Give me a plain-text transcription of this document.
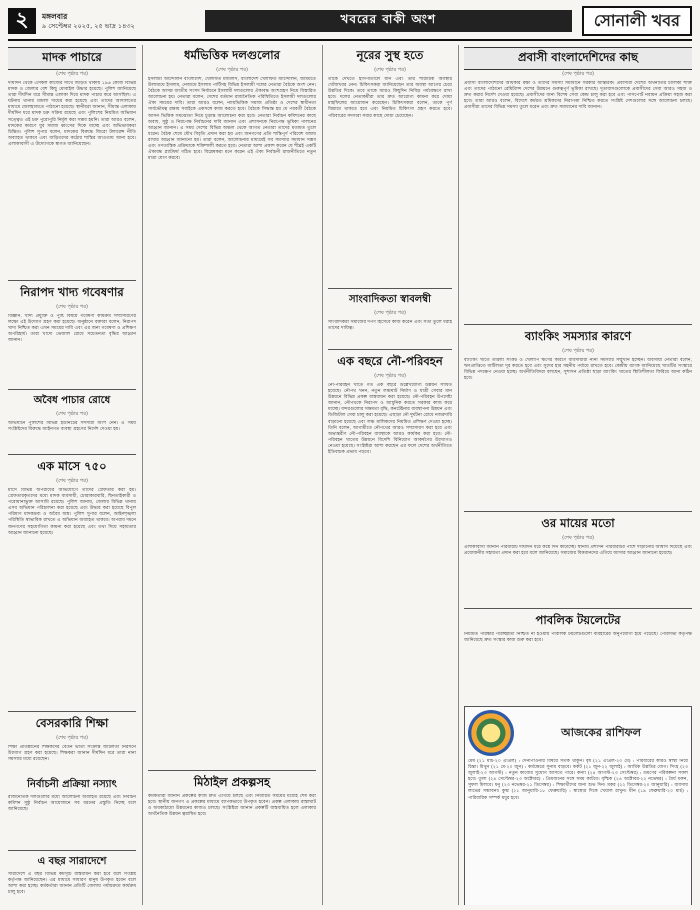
২	মঙ্গলবার
৯ সেপ্টেম্বর ২০২৫, ২৫ ভাদ্র ১৪৩২	খবরের বাকী অংশ	সোনালী খবর
মাদক পাচারে
(শেষ পৃষ্ঠার পর)
দীর্ঘদিন থেকে এসকল কাজের সাথে জড়িত থাকায় ১৯৬ কেজি বিভিন্ন মাদক ও জেলার বেশ কিছু মোবাইল উদ্ধার হয়েছে। পুলিশ জানিয়েছে তারা দীর্ঘদিন ধরে সীমান্ত এলাকা দিয়ে মাদক পাচার করে আসছিল। এ ঘটনায় থানায় মামলা দায়ের করা হয়েছে এবং তাদের আদালতের মাধ্যমে জেলহাজতে পাঠানো হয়েছে। স্থানীয়রা জানান, সীমান্ত এলাকায় দীর্ঘদিন ধরে মাদক চক্র সক্রিয় রয়েছে এবং পুলিশের নিয়মিত অভিযান সত্ত্বেও এই চক্র পুরোপুরি নির্মূল করা সম্ভব হয়নি। তারা আরও বলেন, মাদকের কারণে যুব সমাজ ধ্বংসের দিকে যাচ্ছে এবং অভিভাবকরা চিন্তিত। পুলিশ সুপার বলেন, মাদকের বিরুদ্ধে জিরো টলারেন্স নীতি অব্যাহত থাকবে এবং জড়িতদের কঠোর শাস্তির আওতায় আনা হবে। এলাকাবাসী এ উদ্যোগকে স্বাগত জানিয়েছেন।
নিরাপদ খাদ্য গবেষণার
(শেষ পৃষ্ঠার পর)
বিজ্ঞান, খাদ্য প্রযুক্তি ও পুষ্টি বিষয়ে গবেষণা কার্যক্রম সম্প্রসারণের লক্ষ্যে এই উদ্যোগ গ্রহণ করা হয়েছে। অনুষ্ঠানে বক্তারা বলেন, নিরাপদ খাদ্য নিশ্চিত করা এখন সময়ের দাবি এবং এর জন্য গবেষণা ও প্রশিক্ষণ অপরিহার্য। তারা খাদ্যে ভেজাল রোধে সচেতনতা বৃদ্ধির আহ্বান জানান।
অবৈধ পাচার রোধে
(শেষ পৃষ্ঠার পর)
অভিযানে পুলিশের বিভিন্ন ইউনিটের সদস্যরা অংশ নেন। এ সময় সংশ্লিষ্টদের বিরুদ্ধে আইনগত ব্যবস্থা গ্রহণের নির্দেশ দেওয়া হয়।
এক মাসে ৭৫০
(শেষ পৃষ্ঠার পর)
মাসে বিভিন্ন অপরাধের অভিযোগে তাদের গ্রেফতার করা হয়। গ্রেফতারকৃতদের মধ্যে মাদক ব্যবসায়ী, চোরাকারবারি, ছিনতাইকারী ও পরোয়ানাভুক্ত আসামি রয়েছে। পুলিশ জানায়, জেলার বিভিন্ন থানায় এসব অভিযান পরিচালনা করা হয়েছে এবং উদ্ধার করা হয়েছে বিপুল পরিমাণ মাদকদ্রব্য ও অবৈধ অস্ত্র। পুলিশ সুপার বলেন, আইনশৃঙ্খলা পরিস্থিতি স্বাভাবিক রাখতে এ অভিযান অব্যাহত থাকবে। অপরাধ দমনে জনগণের সহযোগিতা কামনা করা হয়েছে এবং তথ্য দিয়ে সহায়তার আহ্বান জানানো হয়েছে।
বেসরকারি শিক্ষা
(শেষ পৃষ্ঠার পর)
শিক্ষা প্রতিষ্ঠানের শিক্ষকদের বেতন ভাতা সংক্রান্ত জটিলতা নিরসনে উদ্যোগ গ্রহণ করা হয়েছে। শিক্ষকরা জানান দীর্ঘদিন ধরে তারা নানা সমস্যার মধ্যে রয়েছেন।
নির্বাচনী প্রক্রিয়া নস্যাৎ
রাজনৈতিক দলগুলোর মধ্যে আলোচনা অব্যাহত রয়েছে এবং নির্বাচন কমিশন সুষ্ঠু নির্বাচন আয়োজনে সব ধরনের প্রস্তুতি নিচ্ছে বলে জানিয়েছে।
এ বছর সারাদেশে
সারাদেশে এ বছর বিভিন্ন কর্মসূচি বাস্তবায়ন করা হবে বলে সংশ্লিষ্ট কর্তৃপক্ষ জানিয়েছেন। এর মাধ্যমে সাধারণ মানুষ উপকৃত হবেন বলে আশা করা হচ্ছে। কর্মকর্তারা জানান প্রতিটি জেলায় পর্যায়ক্রমে কার্যক্রম চালু হবে।
ধর্মভিত্তিক দলগুলোর
(শেষ পৃষ্ঠার পর)
ইসলামী আন্দোলন বাংলাদেশ, খেলাফত মজলিস, বাংলাদেশ খেলাফত আন্দোলন, জমিয়তে উলামায়ে ইসলাম, নেজামে ইসলাম পার্টিসহ বিভিন্ন ইসলামী দলের নেতারা বৈঠকে অংশ নেন। বৈঠকে আসন্ন জাতীয় সংসদ নির্বাচনে ইসলামী দলগুলোর ঐক্যবদ্ধ অংশগ্রহণ নিয়ে বিস্তারিত আলোচনা হয়। নেতারা বলেন, দেশের বর্তমান রাজনৈতিক পরিস্থিতিতে ইসলামী দলগুলোর ঐক্য সময়ের দাবি। তারা আরও বলেন, ন্যায়ভিত্তিক সমাজ প্রতিষ্ঠা ও দেশের স্বাধীনতা সার্বভৌমত্ব রক্ষায় সবাইকে একসঙ্গে কাজ করতে হবে। বৈঠকে সিদ্ধান্ত হয় যে পরবর্তী বৈঠকে আসন ভিত্তিক সমঝোতা নিয়ে চূড়ান্ত আলোচনা করা হবে। নেতারা নির্বাচন কমিশনের কাছে অবাধ, সুষ্ঠু ও নিরপেক্ষ নির্বাচনের দাবি জানান এবং প্রশাসনকে নিরপেক্ষ ভূমিকা পালনের আহ্বান জানান। এ সময় দেশের বিভিন্ন অঞ্চল থেকে আগত নেতারা তাদের মতামত তুলে ধরেন। বৈঠক শেষে যৌথ বিবৃতি প্রদান করা হয় এবং জনগণের প্রতি শান্তিপূর্ণ পরিবেশ বজায় রাখার আহ্বান জানানো হয়। তারা বলেন, আলোচনার মাধ্যমেই সব সমস্যার সমাধান সম্ভব এবং গণতান্ত্রিক প্রক্রিয়াকে শক্তিশালী করতে হবে। নেতারা আশা প্রকাশ করেন যে শীঘ্রই একটি ঐক্যবদ্ধ প্ল্যাটফর্ম গঠিত হবে। বিশ্লেষকরা মনে করেন এই ঐক্য নির্বাচনী রাজনীতিতে নতুন মাত্রা যোগ করবে।
মিঠাইল প্রকল্পসহ
কর্মকর্তারা জানান প্রকল্পের কাজ দ্রুত এগিয়ে চলছে এবং নির্ধারিত সময়ের মধ্যেই শেষ করা হবে। স্থানীয় জনগণ এ প্রকল্পের মাধ্যমে ব্যাপকভাবে উপকৃত হবেন। প্রকল্প এলাকায় রাস্তাঘাট ও অবকাঠামো উন্নয়নের কাজও চলছে। সংশ্লিষ্টরা জানান প্রকল্পটি বাস্তবায়িত হলে এলাকার অর্থনৈতিক উন্নয়ন ত্বরান্বিত হবে।
নূরের সুস্থ হতে
(শেষ পৃষ্ঠার পর)
তাকে দেখতে হাসপাতালে যান এবং তার শারীরিক অবস্থার খোঁজখবর নেন। চিকিৎসকরা জানিয়েছেন তার অবস্থা আগের চেয়ে উন্নতির দিকে। তবে তাকে আরও কিছুদিন নিবিড় পর্যবেক্ষণে রাখা হবে। দলের নেতাকর্মীরা তার দ্রুত আরোগ্য কামনা করে দোয়া মাহফিলের আয়োজন করেছেন। চিকিৎসকরা বলেন, তাকে পূর্ণ বিশ্রামে থাকতে হবে এবং নিয়মিত চিকিৎসা গ্রহণ করতে হবে। পরিবারের সদস্যরা সবার কাছে দোয়া চেয়েছেন।
সাংবাদিকতা স্বাবলম্বী
(শেষ পৃষ্ঠার পর)
সাংবাদিকরা সমাজের দর্পণ হিসেবে কাজ করেন এবং সত্য তুলে ধরাই তাদের দায়িত্ব।
এক বছরে নৌ-পরিবহন
(শেষ পৃষ্ঠার পর)
নৌ-পরিবহন খাতে গত এক বছরে উল্লেখযোগ্য উন্নয়ন সাধিত হয়েছে। নৌপথ খনন, নতুন লঞ্চঘাট নির্মাণ ও যাত্রী সেবার মান উন্নয়নে বিভিন্ন প্রকল্প বাস্তবায়ন করা হয়েছে। নৌ-পরিবহন উপদেষ্টা জানান, নৌপথকে নিরাপদ ও আধুনিক করতে সরকার কাজ করে যাচ্ছে। বন্দরগুলোর সক্ষমতা বৃদ্ধি, কনটেইনার ব্যবস্থাপনা উন্নয়ন এবং ডিজিটাল সেবা চালু করা হয়েছে। এছাড়া নৌ দুর্ঘটনা রোধে নজরদারি বাড়ানো হয়েছে এবং লঞ্চ মালিকদের নিয়মিত প্রশিক্ষণ দেওয়া হচ্ছে। তিনি বলেন, আগামীতে নৌপথের আরও সম্প্রসারণ করা হবে এবং অভ্যন্তরীণ নৌ-পরিবহন ব্যবস্থাকে আরও কার্যকর করা হবে। নৌ-পরিবহন খাতের উন্নয়নে বিদেশি বিনিয়োগ আকর্ষণের উদ্যোগও নেওয়া হয়েছে। সংশ্লিষ্টরা আশা করছেন এর ফলে দেশের অর্থনীতিতে ইতিবাচক প্রভাব পড়বে।
প্রবাসী বাংলাদেশিদের কাছ
(শেষ পৃষ্ঠার পর)
প্রবাসী বাংলাদেশিদের অধিকার রক্ষা ও তাদের সমস্যা সমাধানে সরকার আন্তরিক। প্রবাসীরা দেশের অর্থনীতির চালিকা শক্তি এবং তাদের পাঠানো রেমিট্যান্স দেশের উন্নয়নে গুরুত্বপূর্ণ ভূমিকা রাখছে। দূতাবাসগুলোকে প্রবাসীদের সেবা আরও সহজ ও দ্রুত করার নির্দেশ দেওয়া হয়েছে। প্রবাসীদের জন্য বিশেষ সেবা কেন্দ্র চালু করা হবে এবং পাসপোর্ট নবায়ন প্রক্রিয়া সহজ করা হবে। তারা আরও বলেন, বিদেশে কর্মরত শ্রমিকদের নিরাপত্তা নিশ্চিত করতে সংশ্লিষ্ট দেশগুলোর সঙ্গে আলোচনা চলছে। প্রবাসীরা তাদের বিভিন্ন সমস্যা তুলে ধরেন এবং দ্রুত সমাধানের দাবি জানান।
ব্যাংকিং সমস্যার কারণে
(শেষ পৃষ্ঠার পর)
ব্যাংকিং খাতে তারল্য সংকট ও খেলাপি ঋণের কারণে ব্যবসায়ীরা নানা সমস্যার সম্মুখীন হচ্ছেন। ব্যবসায়ী নেতারা বলেন, ঋণপ্রাপ্তিতে জটিলতা দূর করতে হবে এবং সুদের হার সহনীয় পর্যায়ে রাখতে হবে। কেন্দ্রীয় ব্যাংক জানিয়েছে খাতটির সংস্কারে বিভিন্ন পদক্ষেপ নেওয়া হচ্ছে। অর্থনীতিবিদরা বলছেন, সুশাসন প্রতিষ্ঠা ছাড়া ব্যাংকিং খাতের স্থিতিশীলতা ফিরিয়ে আনা কঠিন হবে।
ওর মায়ের মতো
(শেষ পৃষ্ঠার পর)
এলাকাবাসী জানান পরিবারটি দীর্ঘদিন ধরে কষ্টে দিন কাটাচ্ছে। স্থানীয় প্রশাসন পরিবারটির পাশে দাঁড়ানোর আশ্বাস দিয়েছে এবং প্রয়োজনীয় সহায়তা প্রদান করা হবে বলে জানিয়েছে। সমাজের বিত্তবানদের এগিয়ে আসার আহ্বান জানানো হয়েছে।
পাবলিক টয়লেটের
নিয়মিত পরিষ্কার পরিচ্ছন্নতা নিশ্চিত না হওয়ায় পাবলিক টয়লেটগুলো ব্যবহারের অনুপযোগী হয়ে পড়েছে। পৌরসভা কর্তৃপক্ষ জানিয়েছে দ্রুত সংস্কার কাজ শুরু করা হবে।
আজকের রাশিফল
মেষ (২১ মার্চ-২০ এপ্রিল) : দেনাপাওনার বিষয়ে সতর্ক থাকুন। বৃষ (২১ এপ্রিল-২০ মে) : পরিবারের কারও স্বাস্থ্য নিয়ে চিন্তা। মিথুন (২১ মে-২০ জুন) : কর্মক্ষেত্রে সুনাম বাড়বে। কর্কট (২১ জুন-২২ জুলাই) : আর্থিক উন্নতির যোগ। সিংহ (২৩ জুলাই-২৩ আগস্ট) : নতুন কাজের সুযোগ আসতে পারে। কন্যা (২৪ আগস্ট-২৩ সেপ্টেম্বর) : ভ্রমণের পরিকল্পনা সফল হবে। তুলা (২৪ সেপ্টেম্বর-২৩ অক্টোবর) : প্রিয়জনের সঙ্গে সময় কাটবে। বৃশ্চিক (২৪ অক্টোবর-২২ নভেম্বর) : ধৈর্য ধরুন, সুফল মিলবে। ধনু (২৩ নভেম্বর-২১ ডিসেম্বর) : শিক্ষার্থীদের জন্য শুভ দিন। মকর (২২ ডিসেম্বর-২০ জানুয়ারি) : ব্যবসায় লাভের সম্ভাবনা। কুম্ভ (২১ জানুয়ারি-১৮ ফেব্রুয়ারি) : স্বাস্থ্যের দিকে খেয়াল রাখুন। মীন (১৯ ফেব্রুয়ারি-২০ মার্চ) : পারিবারিক সম্পর্ক মধুর হবে।
